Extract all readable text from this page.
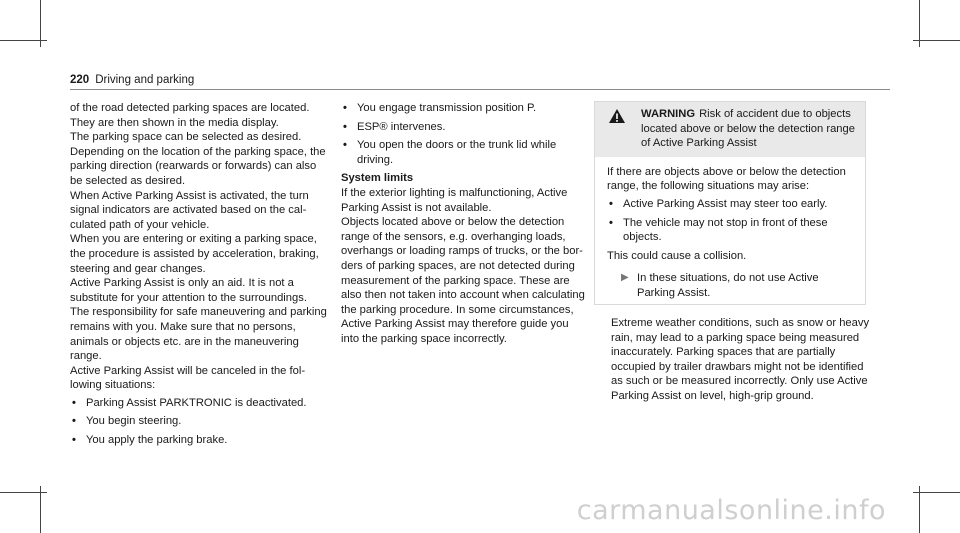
220 Driving and parking

of the road detected parking spaces are located. They are then shown in the media display.

The parking space can be selected as desired. Depending on the location of the parking space, the parking direction (rearwards or forwards) can also be selected as desired.

When Active Parking Assist is activated, the turn signal indicators are activated based on the calculated path of your vehicle.

When you are entering or exiting a parking space, the procedure is assisted by acceleration, braking, steering and gear changes.

Active Parking Assist is only an aid. It is not a substitute for your attention to the surroundings. The responsibility for safe maneuvering and parking remains with you. Make sure that no persons, animals or objects etc. are in the maneuvering range.

Active Parking Assist will be canceled in the following situations:

• Parking Assist PARKTRONIC is deactivated.
• You begin steering.
• You apply the parking brake.
• You engage transmission position P.
• ESP® intervenes.
• You open the doors or the trunk lid while driving.
System limits

If the exterior lighting is malfunctioning, Active Parking Assist is not available.

Objects located above or below the detection range of the sensors, e.g. overhanging loads, overhangs or loading ramps of trucks, or the borders of parking spaces, are not detected during measurement of the parking space. These are also then not taken into account when calculating the parking procedure. In some circumstances, Active Parking Assist may therefore guide you into the parking space incorrectly.

WARNING Risk of accident due to objects located above or below the detection range of Active Parking Assist

If there are objects above or below the detection range, the following situations may arise:

• Active Parking Assist may steer too early.
• The vehicle may not stop in front of these objects.

This could cause a collision.

▶ In these situations, do not use Active Parking Assist.

Extreme weather conditions, such as snow or heavy rain, may lead to a parking space being measured inaccurately. Parking spaces that are partially occupied by trailer drawbars might not be identified as such or be measured incorrectly. Only use Active Parking Assist on level, high-grip ground.

carmanualsonline.info
